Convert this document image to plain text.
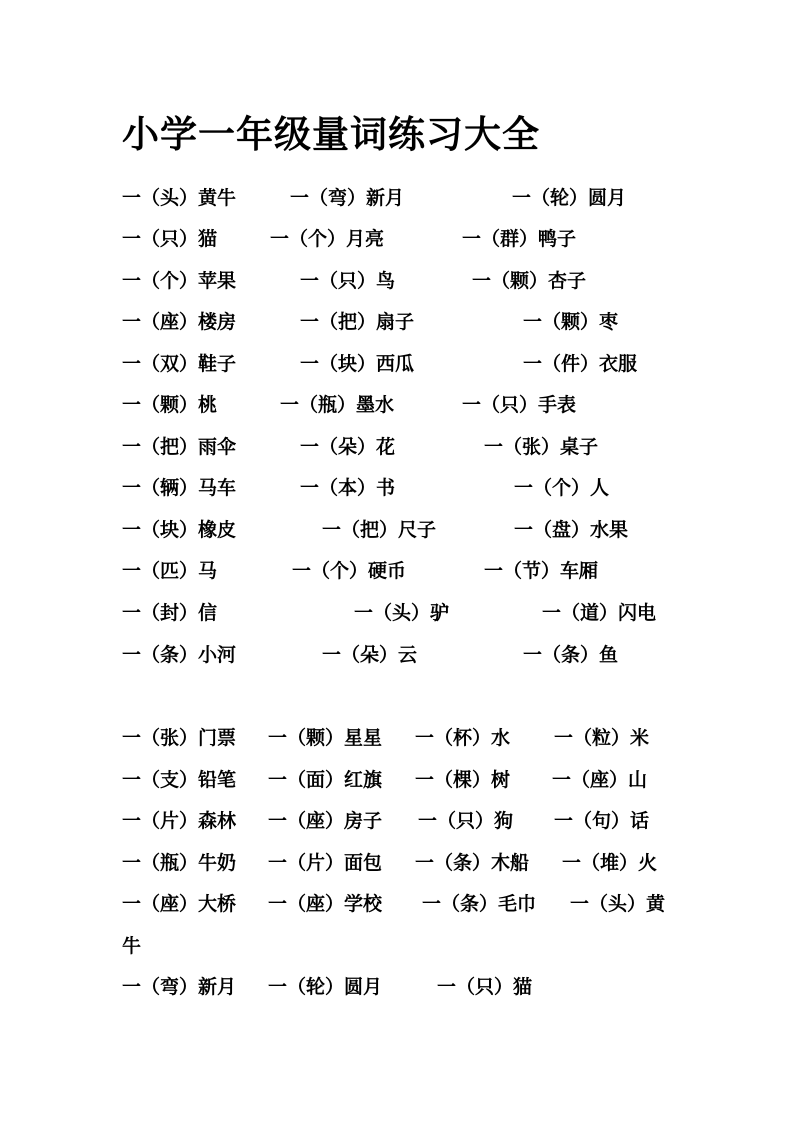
小学一年级量词练习大全
一（头）黄牛	一（弯）新月	一（轮）圆月
一（只）猫	一（个）月亮	一（群）鸭子
一（个）苹果	一（只）鸟	一（颗）杏子
一（座）楼房	一（把）扇子	一（颗）枣
一（双）鞋子	一（块）西瓜	一（件）衣服
一（颗）桃	一（瓶）墨水	一（只）手表
一（把）雨伞	一（朵）花	一（张）桌子
一（辆）马车	一（本）书	一（个）人
一（块）橡皮	一（把）尺子	一（盘）水果
一（匹）马	一（个）硬币	一（节）车厢
一（封）信	一（头）驴	一（道）闪电
一（条）小河	一（朵）云	一（条）鱼
一（张）门票 一（颗）星星 一（杯）水 一（粒）米
一（支）铅笔 一（面）红旗 一（棵）树 一（座）山
一（片）森林 一（座）房子 一（只）狗 一（句）话
一（瓶）牛奶 一（片）面包 一（条）木船 一（堆）火
一（座）大桥 一（座）学校 一（条）毛巾 一（头）黄
牛
一（弯）新月 一（轮）圆月	一（只）猫
